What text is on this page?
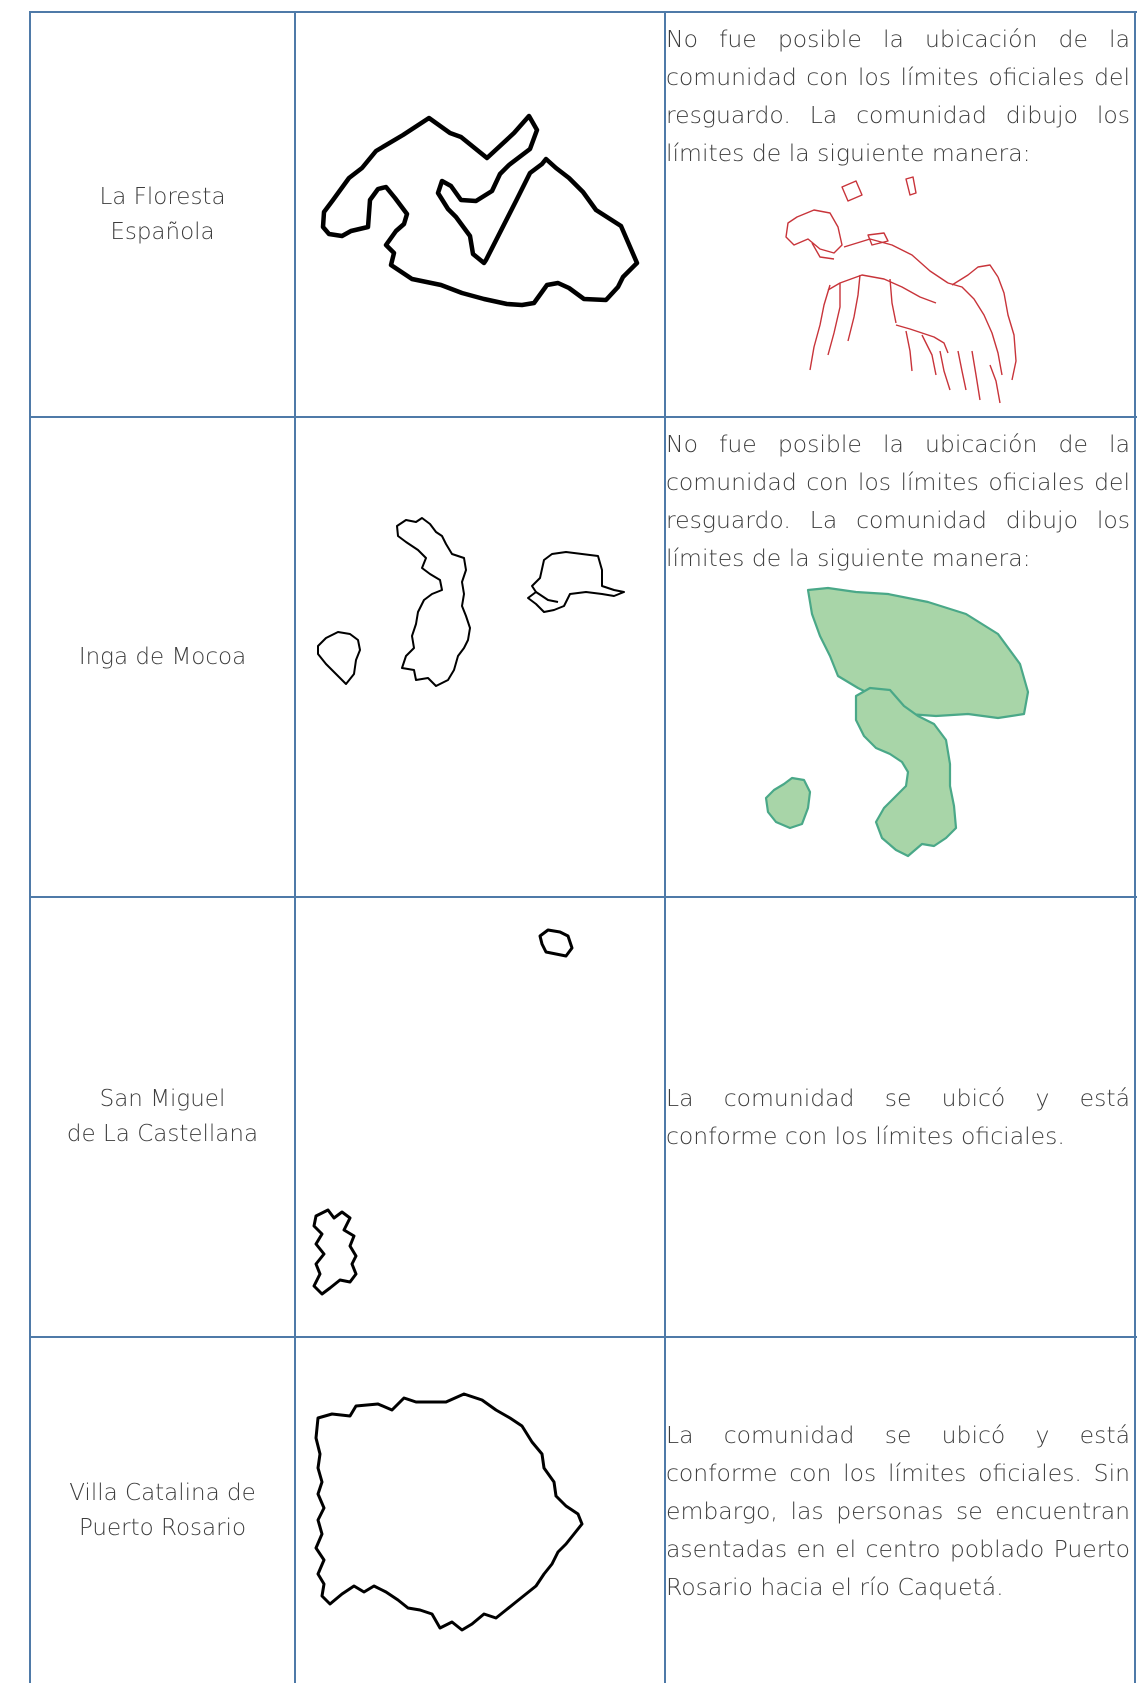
La Floresta
Española
No fue posible la ubicación de la comunidad con los límites oficiales del resguardo. La comunidad dibujo los límites de la siguiente manera:
Inga de Mocoa
No fue posible la ubicación de la comunidad con los límites oficiales del resguardo. La comunidad dibujo los límites de la siguiente manera:
San Miguel
de La Castellana
La comunidad se ubicó y está conforme con los límites oficiales.
Villa Catalina de
Puerto Rosario
La comunidad se ubicó y está conforme con los límites oficiales. Sin embargo, las personas se encuentran asentadas en el centro poblado Puerto Rosario hacia el río Caquetá.
